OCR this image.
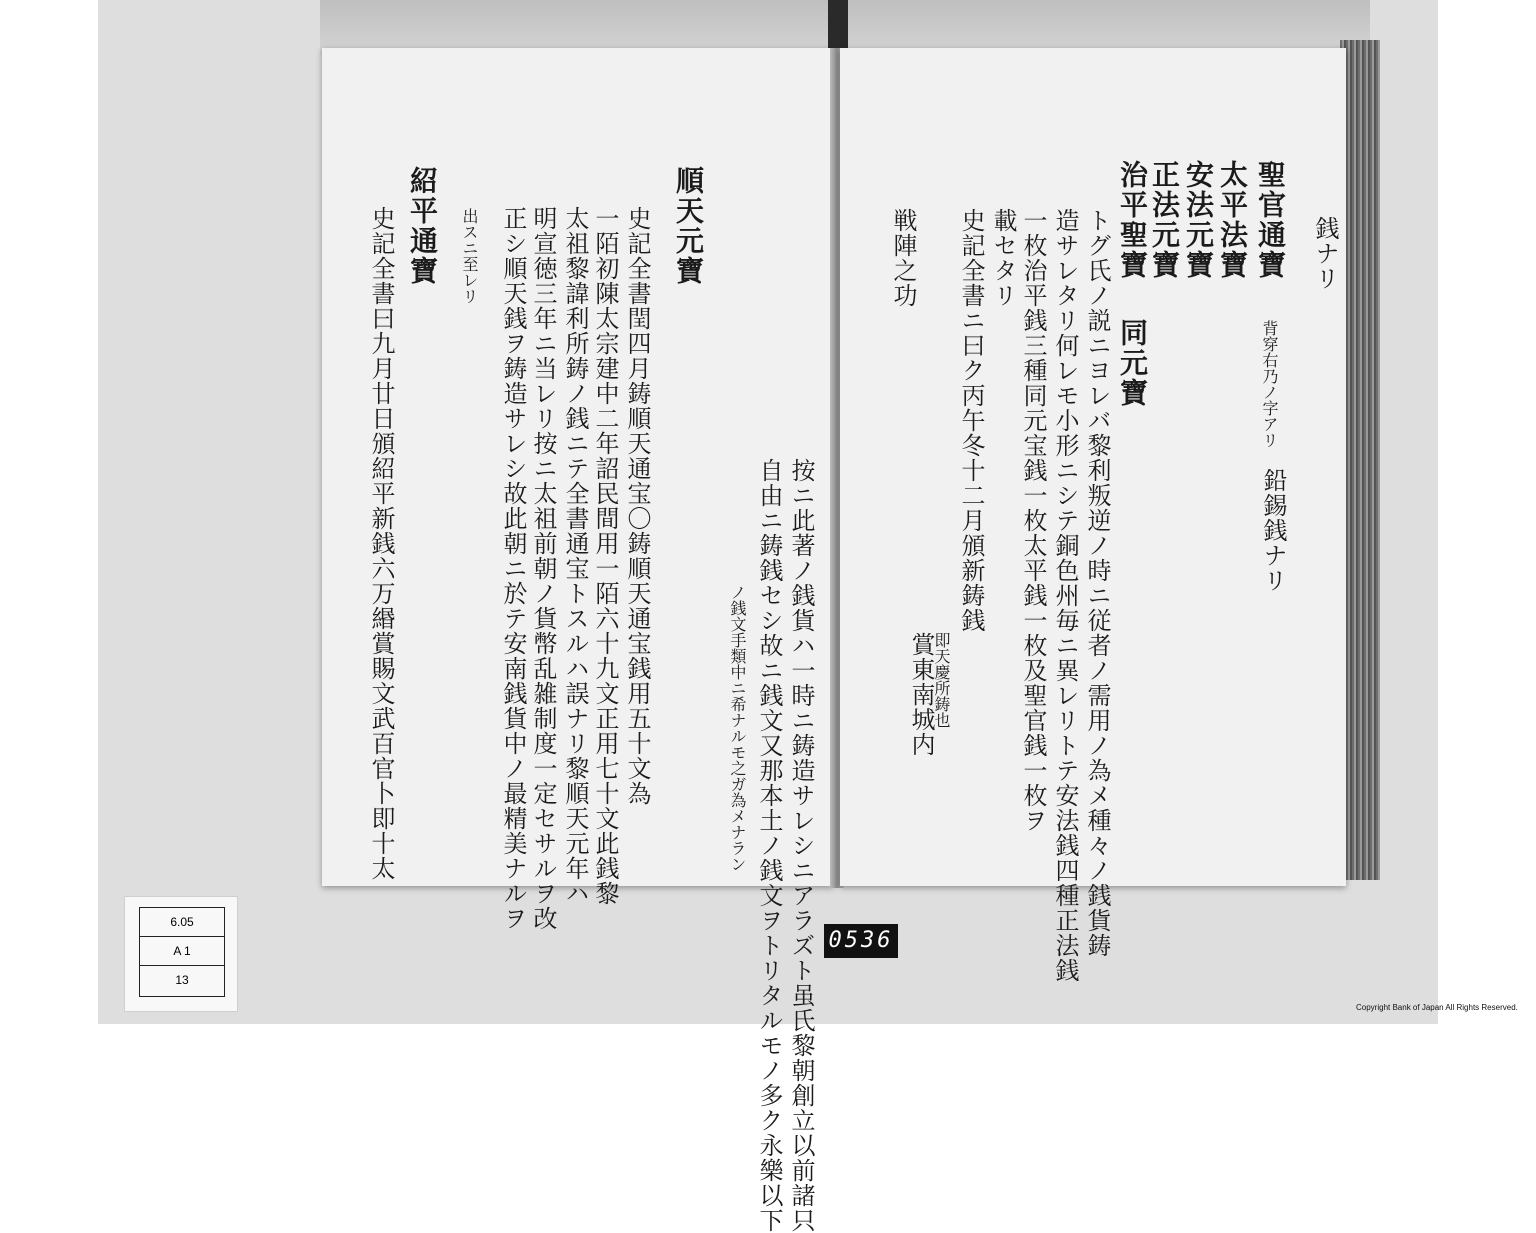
按ニ此著ノ銭貨ハ一時ニ鋳造サレシニアラズト虽氏黎朝創立以前諸只
自由ニ鋳銭セシ故ニ銭文又那本土ノ銭文ヲトリタルモノ多ク永樂以下
ノ銭文手類中ニ希ナルモ之ガ為メナラン
順天元寶
史記全書閏四月鋳順天通宝〇鋳順天通宝銭用五十文為
一陌初陳太宗建中二年詔民間用一陌六十九文正用七十文此銭黎
太祖黎諱利所鋳ノ銭ニテ全書通宝トスルハ誤ナリ黎順天元年ハ
明宣徳三年ニ当レリ按ニ太祖前朝ノ貨幣乱雑制度一定セサルヲ改
正シ順天銭ヲ鋳造サレシ故此朝ニ於テ安南銭貨中ノ最精美ナルヲ
出スニ至レリ
紹平通寶
史記全書曰九月廿日頒紹平新銭六万緡賞賜文武百官卜即十太	銭ナリ
聖官通寶
背穿右乃ノ字アリ
鉛錫銭ナリ
太平法寶
安法元寶
正法元寶
治平聖寶
同元寶
トグ氏ノ説ニヨレバ黎利叛逆ノ時ニ従者ノ需用ノ為メ種々ノ銭貨鋳
造サレタリ何レモ小形ニシテ銅色州毎ニ異レリトテ安法銭四種正法銭
一枚治平銭三種同元宝銭一枚太平銭一枚及聖官銭一枚ヲ
載セタリ
史記全書ニ曰ク丙午冬十二月頒新鋳銭
即天慶所鋳也
賞東南城内
戦陣之功
6.05
A 1
13
0536
Copyright Bank of Japan All Rights Reserved.
